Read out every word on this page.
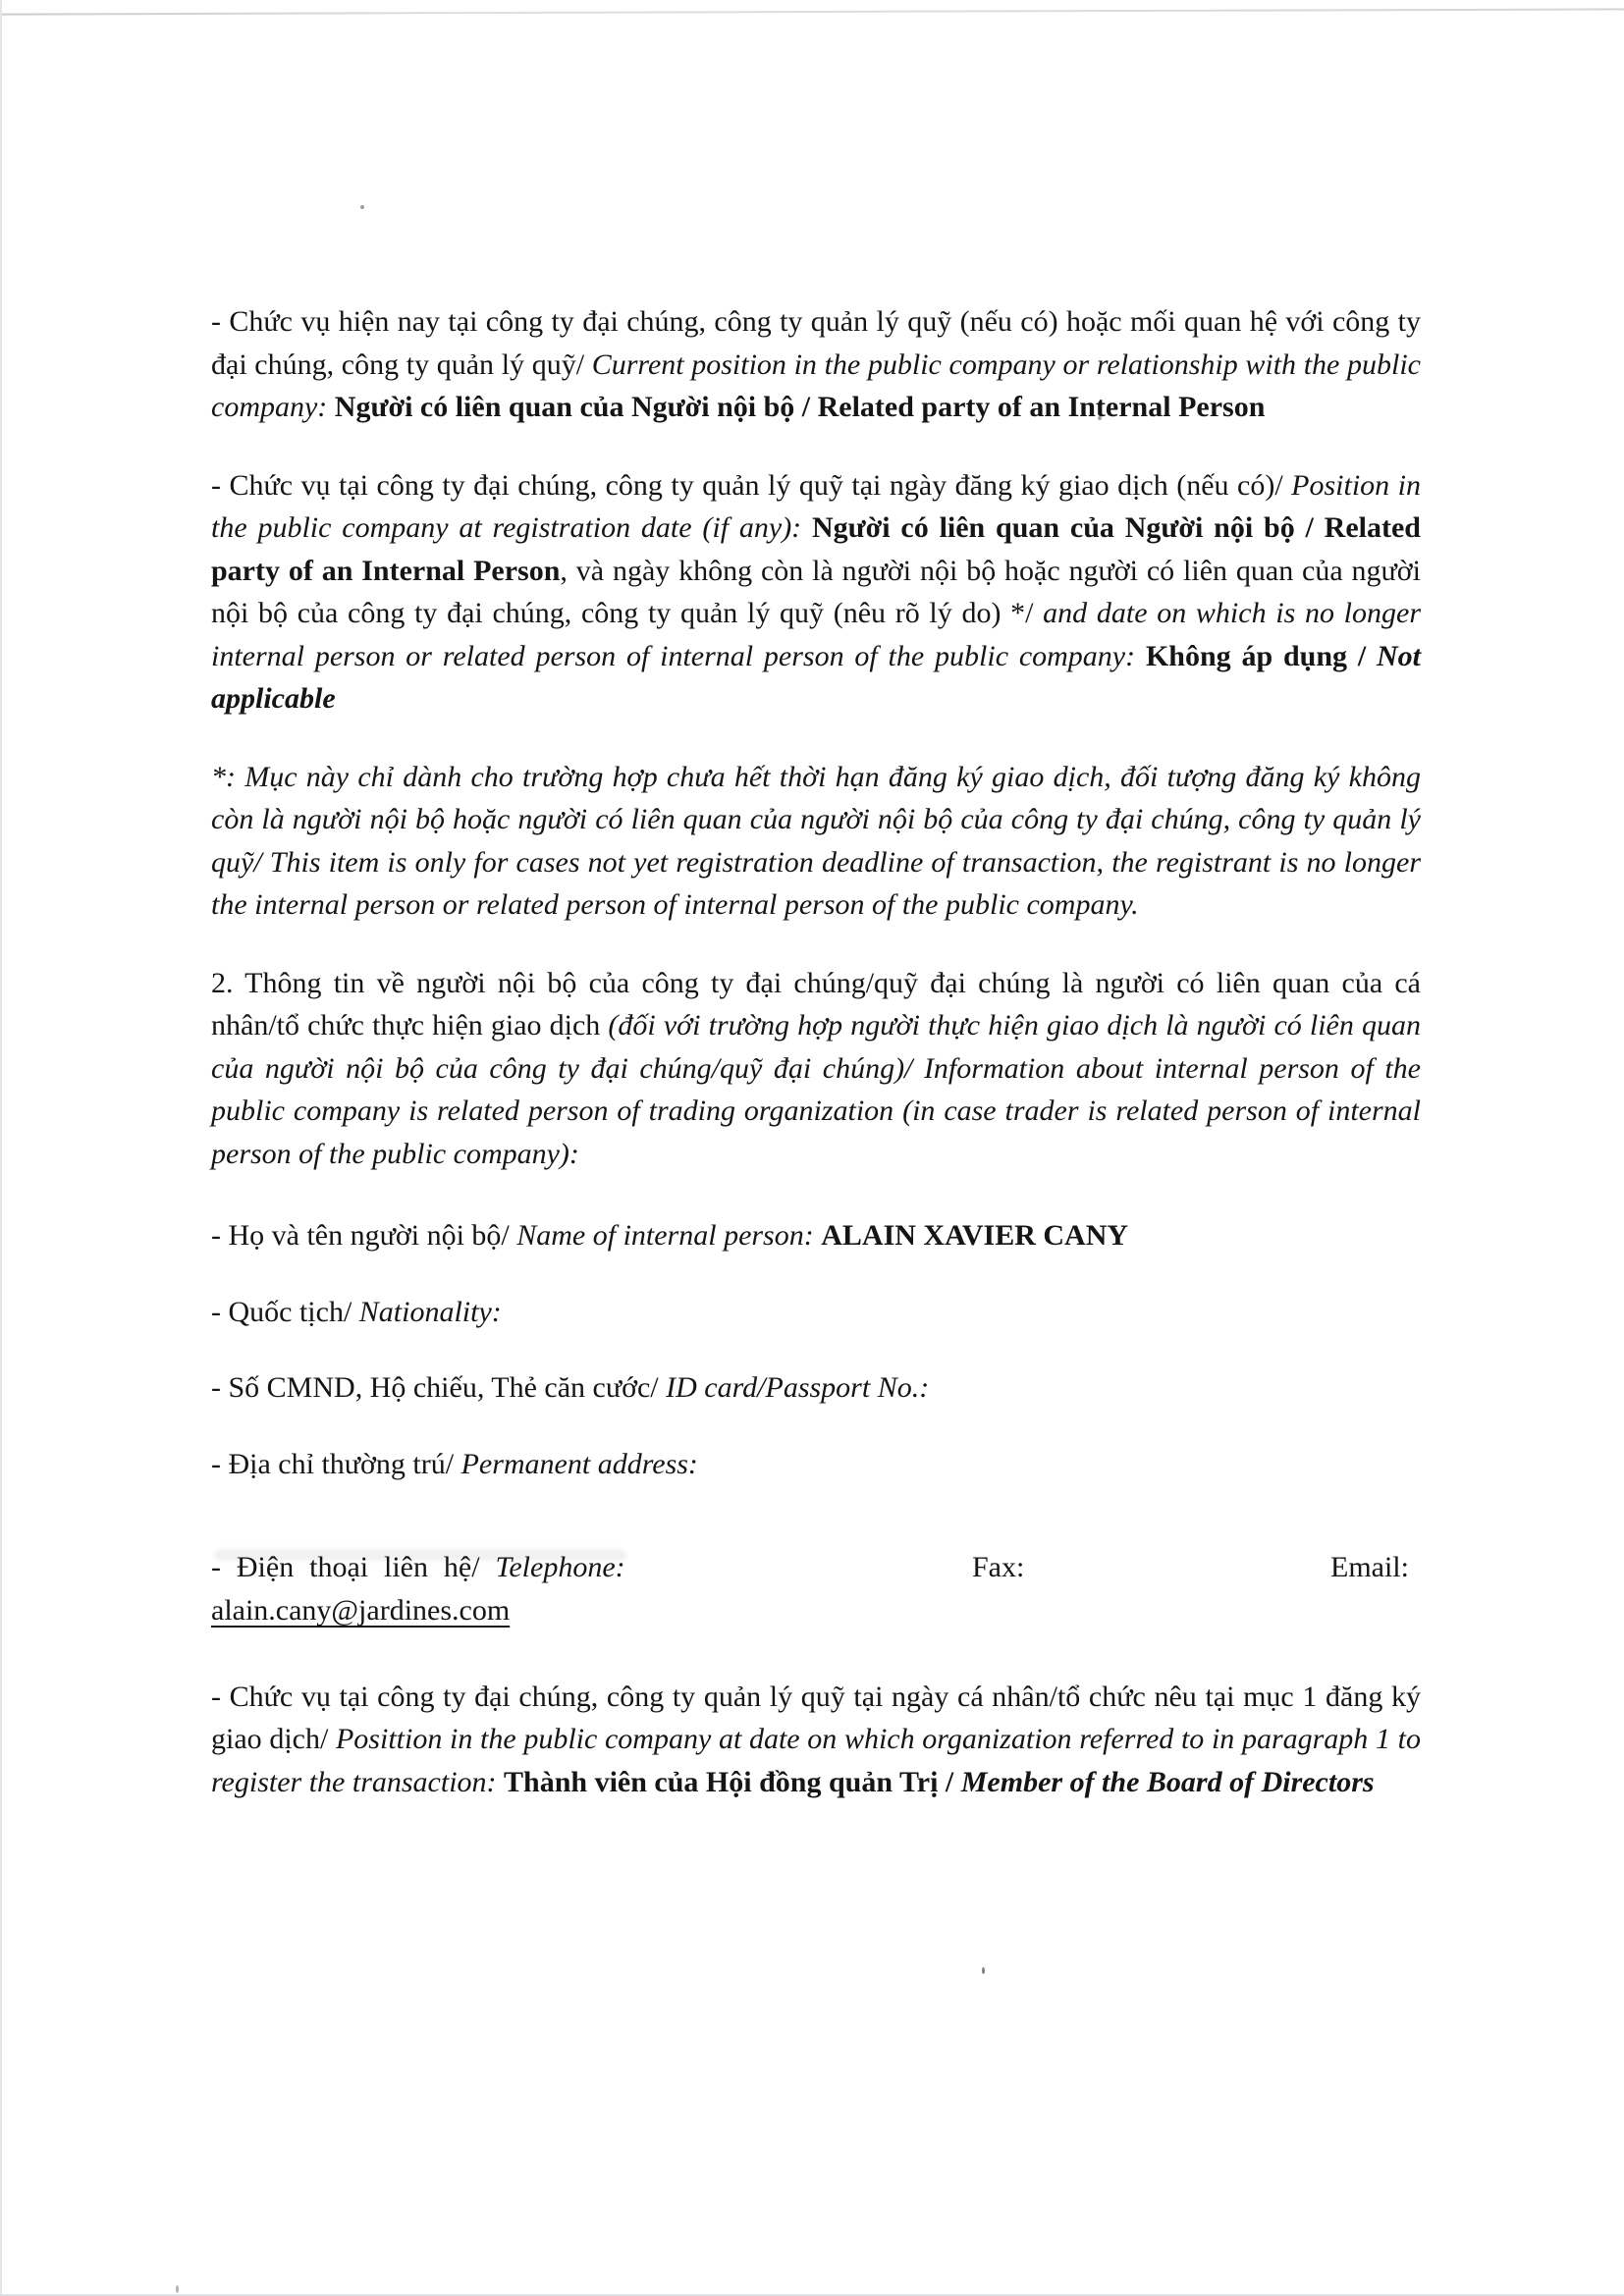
- Chức vụ hiện nay tại công ty đại chúng, công ty quản lý quỹ (nếu có) hoặc mối quan hệ với công ty đại chúng, công ty quản lý quỹ/ Current position in the public company or relationship with the public company: Người có liên quan của Người nội bộ / Related party of an Internal Person

- Chức vụ tại công ty đại chúng, công ty quản lý quỹ tại ngày đăng ký giao dịch (nếu có)/ Position in the public company at registration date (if any): Người có liên quan của Người nội bộ / Related party of an Internal Person, và ngày không còn là người nội bộ hoặc người có liên quan của người nội bộ của công ty đại chúng, công ty quản lý quỹ (nêu rõ lý do) */ and date on which is no longer internal person or related person of internal person of the public company: Không áp dụng / Not applicable

*: Mục này chỉ dành cho trường hợp chưa hết thời hạn đăng ký giao dịch, đối tượng đăng ký không còn là người nội bộ hoặc người có liên quan của người nội bộ của công ty đại chúng, công ty quản lý quỹ/ This item is only for cases not yet registration deadline of transaction, the registrant is no longer the internal person or related person of internal person of the public company.

2. Thông tin về người nội bộ của công ty đại chúng/quỹ đại chúng là người có liên quan của cá nhân/tổ chức thực hiện giao dịch (đối với trường hợp người thực hiện giao dịch là người có liên quan của người nội bộ của công ty đại chúng/quỹ đại chúng)/ Information about internal person of the public company is related person of trading organization (in case trader is related person of internal person of the public company):

- Họ và tên người nội bộ/ Name of internal person: ALAIN XAVIER CANY

- Quốc tịch/ Nationality:

- Số CMND, Hộ chiếu, Thẻ căn cước/ ID card/Passport No.:

- Địa chỉ thường trú/ Permanent address:

- Điện thoại liên hệ/ Telephone:	Fax:	Email:
alain.cany@jardines.com

- Chức vụ tại công ty đại chúng, công ty quản lý quỹ tại ngày cá nhân/tổ chức nêu tại mục 1 đăng ký giao dịch/ Posittion in the public company at date on which organization referred to in paragraph 1 to register the transaction: Thành viên của Hội đồng quản Trị / Member of the Board of Directors
